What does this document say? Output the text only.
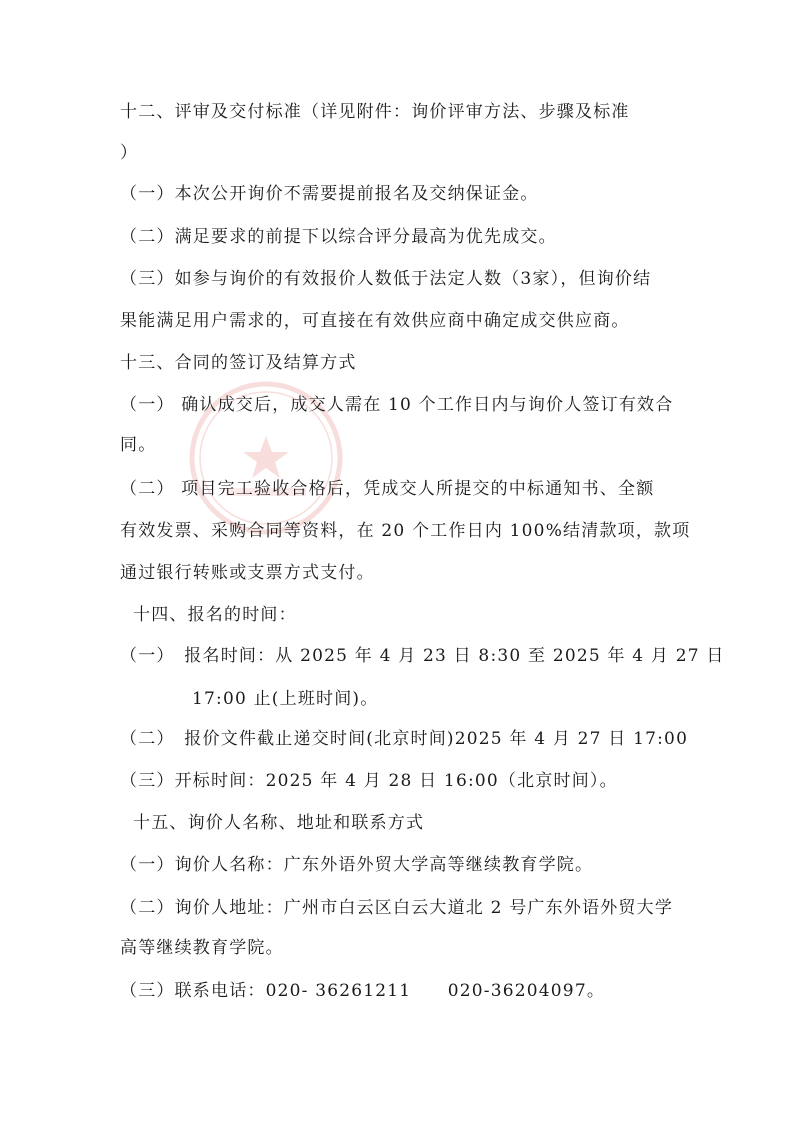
十二、评审及交付标准（详见附件：询价评审方法、步骤及标准
）
（一）本次公开询价不需要提前报名及交纳保证金。
（二）满足要求的前提下以综合评分最高为优先成交。
（三）如参与询价的有效报价人数低于法定人数（3家），但询价结
果能满足用户需求的，可直接在有效供应商中确定成交供应商。
十三、合同的签订及结算方式
（一） 确认成交后，成交人需在 10 个工作日内与询价人签订有效合
同。
（二） 项目完工验收合格后，凭成交人所提交的中标通知书、全额
有效发票、采购合同等资料，在 20 个工作日内 100%结清款项，款项
通过银行转账或支票方式支付。
十四、报名的时间：
（一）　报名时间：从 2025 年 4 月 23 日 8:30 至 2025 年 4 月 27 日
17:00 止(上班时间)。
（二）　报价文件截止递交时间(北京时间)2025 年 4 月 27 日 17:00
（三）开标时间：2025 年 4 月 28 日 16:00（北京时间）。
十五、询价人名称、地址和联系方式
（一）询价人名称：广东外语外贸大学高等继续教育学院。
（二）询价人地址：广州市白云区白云大道北 2 号广东外语外贸大学
高等继续教育学院。
（三）联系电话：020- 36261211　　020-36204097。
